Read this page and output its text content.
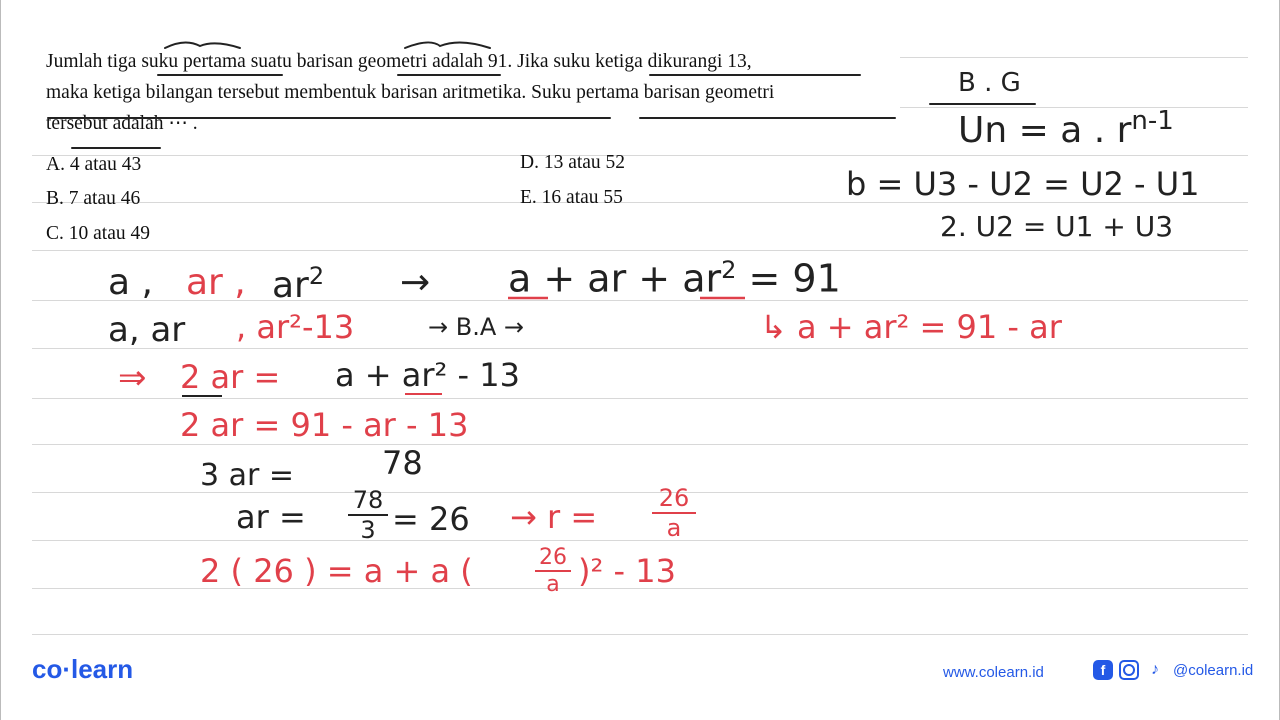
Jumlah tiga suku pertama suatu barisan geometri adalah 91. Jika suku ketiga dikurangi 13,
maka ketiga bilangan tersebut membentuk barisan aritmetika. Suku pertama barisan geometri
tersebut adalah ⋯ .
A. 4 atau 43
B. 7 atau 46
C. 10 atau 49
D. 13 atau 52
E. 16 atau 55
B . G
Un = a . $r^{n-1}$
b = U3 - U2 = U2 - U1
2. U2 = U1 + U3
a , ar , $ar^2 \to a$ + ar + $ar^2 = 91$
a, ar , ar²-13	→ B.A →	↳ a + ar² = 91 - ar
⇒ 2 ar = a + ar² - 13
2 ar = 91 - ar - 13
3 ar =	78
ar = $\frac{78}{3} = 26 \to r = \frac{26}{a}$
2 ( 26 ) = a + a (	$\frac{26}{a} )^2 - 13$
co·learn	www.colearn.id	f	♪ @colearn.id
